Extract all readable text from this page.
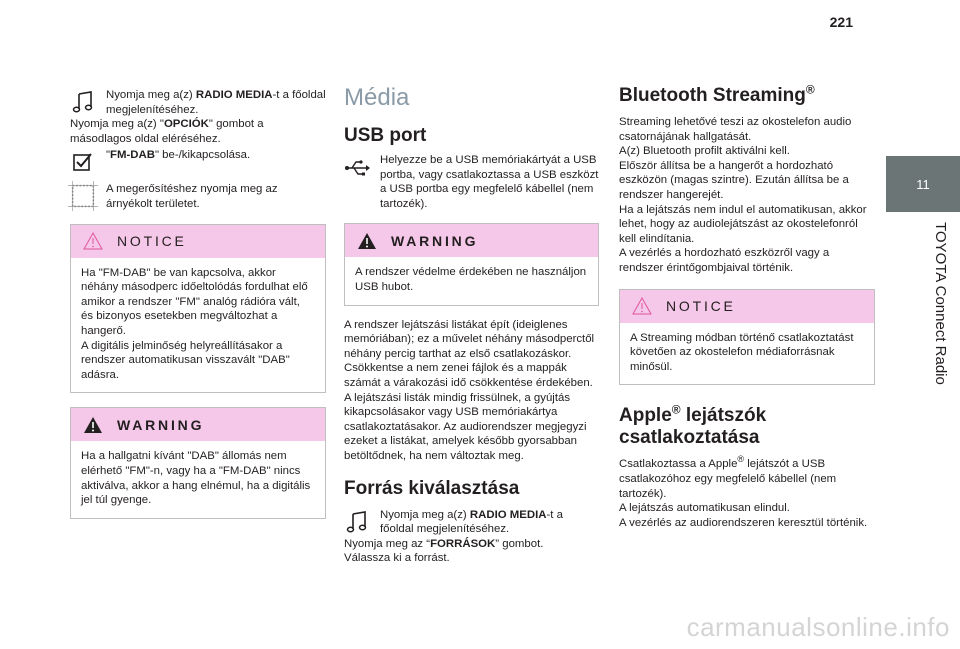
221
11
TOYOTA Connect Radio

Nyomja meg a(z) RADIO MEDIA-t a főoldal megjelenítéséhez.

Nyomja meg a(z) "OPCIÓK" gombot a másodlagos oldal eléréséhez.

"FM-DAB" be-/kikapcsolása.

A megerősítéshez nyomja meg az árnyékolt területet.

NOTICE

Ha "FM-DAB" be van kapcsolva, akkor néhány másodperc időeltolódás fordulhat elő amikor a rendszer "FM" analóg rádióra vált, és bizonyos esetekben megváltozhat a hangerő.

A digitális jelminőség helyreállításakor a rendszer automatikusan visszavált "DAB" adásra.

WARNING

Ha a hallgatni kívánt "DAB" állomás nem elérhető "FM"-n, vagy ha a "FM-DAB" nincs aktiválva, akkor a hang elnémul, ha a digitális jel túl gyenge.

Média
USB port

Helyezze be a USB memóriakártyát a USB portba, vagy csatlakoztassa a USB eszközt a USB portba egy megfelelő kábellel (nem tartozék).

WARNING

A rendszer védelme érdekében ne használjon USB hubot.

A rendszer lejátszási listákat épít (ideiglenes memóriában); ez a művelet néhány másodperctől néhány percig tarthat az első csatlakozáskor.

Csökkentse a nem zenei fájlok és a mappák számát a várakozási idő csökkentése érdekében.

A lejátszási listák mindig frissülnek, a gyújtás kikapcsolásakor vagy USB memóriakártya csatlakoztatásakor. Az audiorendszer megjegyzi ezeket a listákat, amelyek később gyorsabban betöltődnek, ha nem változtak meg.

Forrás kiválasztása

Nyomja meg a(z) RADIO MEDIA-t a főoldal megjelenítéséhez.

Nyomja meg az “FORRÁSOK” gombot.

Válassza ki a forrást.

Bluetooth Streaming®

Streaming lehetővé teszi az okostelefon audio csatornájának hallgatását.

A(z) Bluetooth profilt aktiválni kell.

Először állítsa be a hangerőt a hordozható eszközön (magas szintre). Ezután állítsa be a rendszer hangerejét.

Ha a lejátszás nem indul el automatikusan, akkor lehet, hogy az audiolejátszást az okostelefonról kell elindítania.

A vezérlés a hordozható eszközről vagy a rendszer érintőgombjaival történik.

NOTICE

A Streaming módban történő csatlakoztatást követően az okostelefon médiaforrásnak minősül.

Apple® lejátszók
csatlakoztatása

Csatlakoztassa a Apple® lejátszót a USB csatlakozóhoz egy megfelelő kábellel (nem tartozék).

A lejátszás automatikusan elindul.

A vezérlés az audiorendszeren keresztül történik.

carmanualsonline.info
